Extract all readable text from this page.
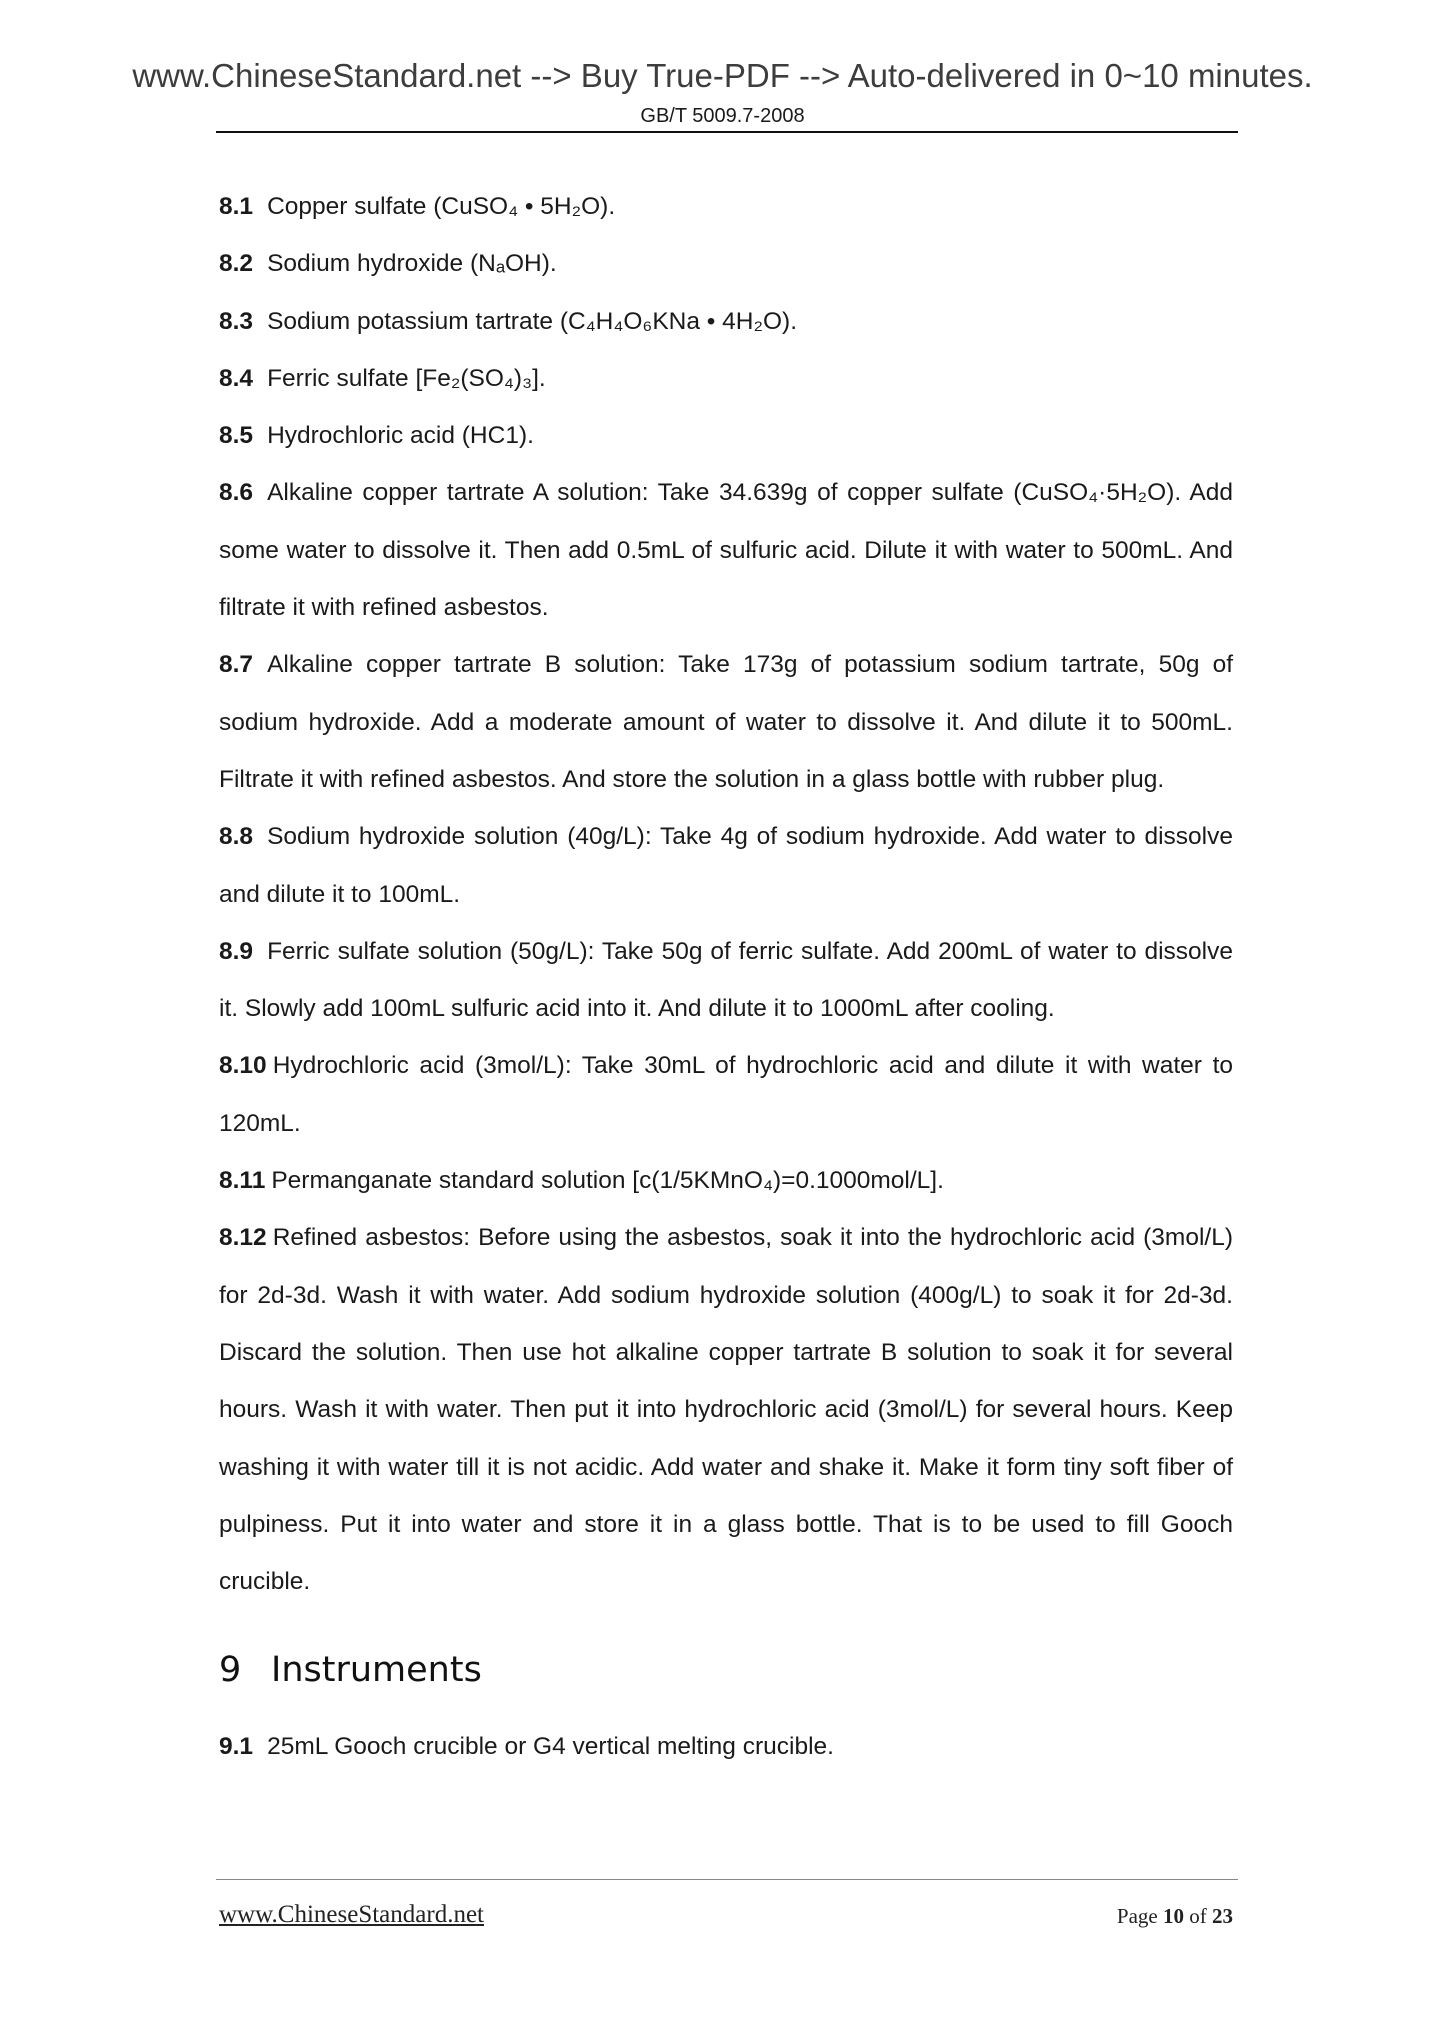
www.ChineseStandard.net --> Buy True-PDF --> Auto-delivered in 0~10 minutes.
GB/T 5009.7-2008

8.1 Copper sulfate (CuSO₄ • 5H₂O).

8.2 Sodium hydroxide (NₐOH).

8.3 Sodium potassium tartrate (C₄H₄O₆KNa • 4H₂O).

8.4 Ferric sulfate [Fe₂(SO₄)₃].

8.5 Hydrochloric acid (HC1).

8.6 Alkaline copper tartrate A solution: Take 34.639g of copper sulfate (CuSO₄·5H₂O). Add some water to dissolve it. Then add 0.5mL of sulfuric acid. Dilute it with water to 500mL. And filtrate it with refined asbestos.

8.7 Alkaline copper tartrate B solution: Take 173g of potassium sodium tartrate, 50g of sodium hydroxide. Add a moderate amount of water to dissolve it. And dilute it to 500mL. Filtrate it with refined asbestos. And store the solution in a glass bottle with rubber plug.

8.8 Sodium hydroxide solution (40g/L): Take 4g of sodium hydroxide. Add water to dissolve and dilute it to 100mL.

8.9 Ferric sulfate solution (50g/L): Take 50g of ferric sulfate. Add 200mL of water to dissolve it. Slowly add 100mL sulfuric acid into it. And dilute it to 1000mL after cooling.

8.10 Hydrochloric acid (3mol/L): Take 30mL of hydrochloric acid and dilute it with water to 120mL.

8.11 Permanganate standard solution [c(1/5KMnO₄)=0.1000mol/L].

8.12 Refined asbestos: Before using the asbestos, soak it into the hydrochloric acid (3mol/L) for 2d-3d. Wash it with water. Add sodium hydroxide solution (400g/L) to soak it for 2d-3d. Discard the solution. Then use hot alkaline copper tartrate B solution to soak it for several hours. Wash it with water. Then put it into hydrochloric acid (3mol/L) for several hours. Keep washing it with water till it is not acidic. Add water and shake it. Make it form tiny soft fiber of pulpiness. Put it into water and store it in a glass bottle. That is to be used to fill Gooch crucible.

9 Instruments

9.1 25mL Gooch crucible or G4 vertical melting crucible.

www.ChineseStandard.net	Page 10 of 23
